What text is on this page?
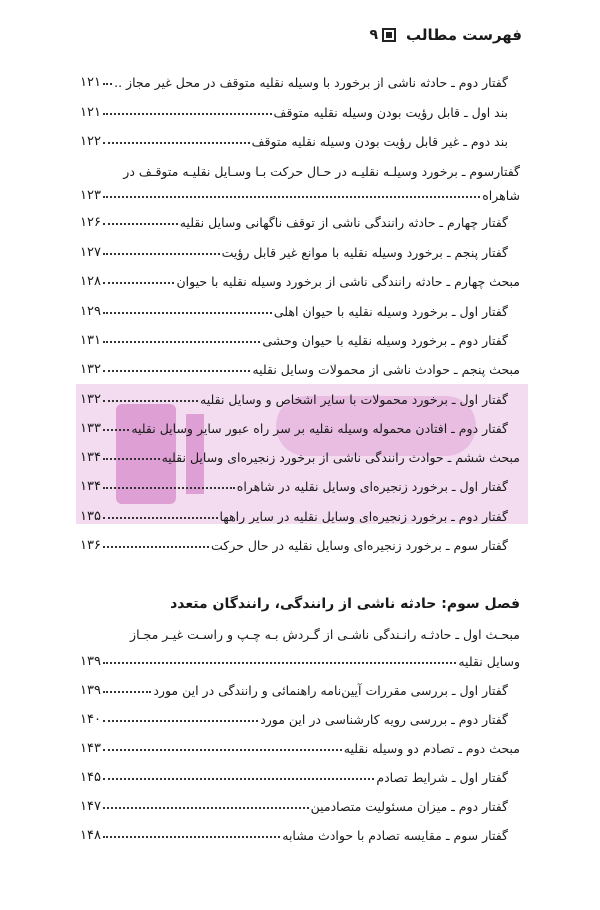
فهرست مطالب
۹
گفتار دوم ـ حادثه ناشی از برخورد با وسیله نقلیه متوقف در محل غیر مجاز ..
۱۲۱
بند اول ـ قابل رؤیت بودن وسیله نقلیه متوقف
۱۲۱
بند دوم ـ غیر قابل رؤیت بودن وسیله نقلیه متوقف
۱۲۲
گفتارسوم ـ برخورد وسیلـه نقلیـه در حـال حرکت بـا وسـایل نقلیـه متوقـف در
شاهراه
۱۲۳
گفتار چهارم ـ حادثه رانندگی ناشی از توقف ناگهانی وسایل نقلیه
۱۲۶
گفتار پنجم ـ برخورد وسیله نقلیه با موانع غیر قابل رؤیت
۱۲۷
مبحث چهارم ـ حادثه رانندگی ناشی از برخورد وسیله نقلیه با حیوان
۱۲۸
گفتار اول ـ برخورد وسیله نقلیه با حیوان اهلی
۱۲۹
گفتار دوم ـ برخورد وسیله نقلیه با حیوان وحشی
۱۳۱
مبحث پنجم ـ حوادث ناشی از محمولات وسایل نقلیه
۱۳۲
گفتار اول ـ برخورد محمولات با سایر اشخاص و وسایل نقلیه
۱۳۲
گفتار دوم ـ افتادن محموله وسیله نقلیه بر سر راه عبور سایر وسایل نقلیه
۱۳۳
مبحث ششم ـ حوادث رانندگی ناشی از برخورد زنجیره‌ای وسایل نقلیه
۱۳۴
گفتار اول ـ برخورد زنجیره‌ای وسایل نقلیه در شاهراه
۱۳۴
گفتار دوم ـ برخورد زنجیره‌ای وسایل نقلیه در سایر راهها
۱۳۵
گفتار سوم ـ برخورد زنجیره‌ای وسایل نقلیه در حال حرکت
۱۳۶
فصل سوم: حادثه ناشی از رانندگی، رانندگان متعدد
مبحـث اول ـ حادثـه رانـندگی ناشـی از گـردش بـه چـپ و راسـت غیـر مجـاز
وسایل نقلیه
۱۳۹
گفتار اول ـ بررسی مقررات آیین‌نامه راهنمائی و رانندگی در این مورد
۱۳۹
گفتار دوم ـ بررسی رویه کارشناسی در این مورد
۱۴۰
مبحث دوم ـ تصادم دو وسیله نقلیه
۱۴۳
گفتار اول ـ شرایط تصادم
۱۴۵
گفتار دوم ـ میزان مسئولیت متصادمین
۱۴۷
گفتار سوم ـ مقایسه تصادم با حوادث مشابه
۱۴۸
